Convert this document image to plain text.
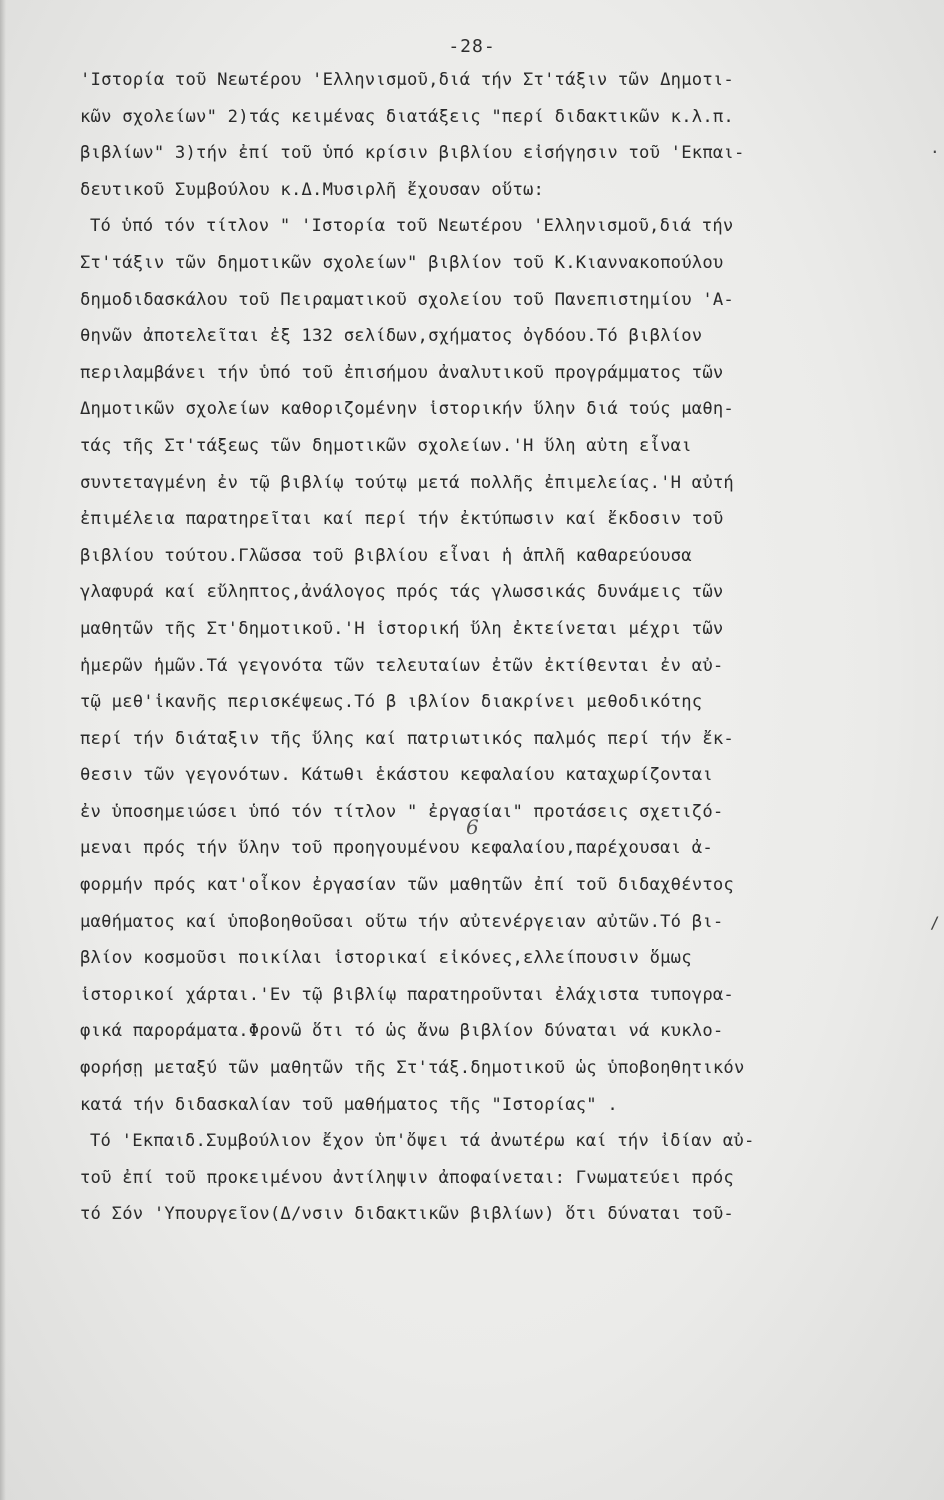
-28-
'Ιστορία τοῦ Νεωτέρου 'Ελληνισμοῦ,διά τήν Στ'τάξιν τῶν Δημοτι-
κῶν σχολείων" 2)τάς κειμένας διατάξεις "περί διδακτικῶν κ.λ.π.
βιβλίων" 3)τήν ἐπί τοῦ ὑπό κρίσιν βιβλίου εἰσήγησιν τοῦ 'Εκπαι-
δευτικοῦ Συμβούλου κ.Δ.Μυσιρλῆ ἔχουσαν οὕτω:
Τό ὑπό τόν τίτλον " 'Ιστορία τοῦ Νεωτέρου 'Ελληνισμοῦ,διά τήν
Στ'τάξιν τῶν δημοτικῶν σχολείων" βιβλίον τοῦ Κ.Κιαννακοπούλου
δημοδιδασκάλου τοῦ Πειραματικοῦ σχολείου τοῦ Πανεπιστημίου 'Α-
θηνῶν ἀποτελεῖται ἐξ 132 σελίδων,σχήματος ὀγδόου.Τό βιβλίον
περιλαμβάνει τήν ὑπό τοῦ ἐπισήμου ἀναλυτικοῦ προγράμματος τῶν
Δημοτικῶν σχολείων καθοριζομένην ἱστορικήν ὕλην διά τούς μαθη-
τάς τῆς Στ'τάξεως τῶν δημοτικῶν σχολείων.'Η ὕλη αὐτη εἶναι
συντεταγμένη ἐν τῷ βιβλίῳ τούτῳ μετά πολλῆς ἐπιμελείας.'Η αὐτή
ἐπιμέλεια παρατηρεῖται καί περί τήν ἐκτύπωσιν καί ἔκδοσιν τοῦ
βιβλίου τούτου.Γλῶσσα τοῦ βιβλίου εἶναι ἡ ἁπλῆ καθαρεύουσα
γλαφυρά καί εὔληπτος,ἀνάλογος πρός τάς γλωσσικάς δυνάμεις τῶν
μαθητῶν τῆς Στ'δημοτικοῦ.'Η ἱστορική ὕλη ἐκτείνεται μέχρι τῶν
ἡμερῶν ἡμῶν.Τά γεγονότα τῶν τελευταίων ἐτῶν ἐκτίθενται ἐν αὐ-
τῷ μεθ'ἱκανῆς περισκέψεως.Τό β ιβλίον διακρίνει μεθοδικότης
περί τήν διάταξιν τῆς ὕλης καί πατριωτικός παλμός περί τήν ἔκ-
θεσιν τῶν γεγονότων. Κάτωθι ἑκάστου κεφαλαίου καταχωρίζονται
ἐν ὑποσημειώσει ὑπό τόν τίτλον " ἐργασίαι" προτάσεις σχετιζό-
μεναι πρός τήν ὕλην τοῦ προηγουμένου κεφαλαίου,παρέχουσαι ἀ-
φορμήν πρός κατ'οἶκον ἐργασίαν τῶν μαθητῶν ἐπί τοῦ διδαχθέντος
μαθήματος καί ὑποβοηθοῦσαι οὕτω τήν αὐτενέργειαν αὐτῶν.Τό βι-
βλίον κοσμοῦσι ποικίλαι ἱστορικαί εἰκόνες,ελλείπουσιν ὅμως
ἱστορικοί χάρται.'Εν τῷ βιβλίῳ παρατηροῦνται ἐλάχιστα τυπογρα-
φικά παροράματα.Φρονῶ ὅτι τό ὡς ἄνω βιβλίον δύναται νά κυκλο-
φορήσῃ μεταξύ τῶν μαθητῶν τῆς Στ'τάξ.δημοτικοῦ ὡς ὑποβοηθητικόν
κατά τήν διδασκαλίαν τοῦ μαθήματος τῆς "Ιστορίας" .
Τό 'Εκπαιδ.Συμβούλιον ἔχον ὑπ'ὄψει τά ἀνωτέρω καί τήν ἰδίαν αὐ-
τοῦ ἐπί τοῦ προκειμένου ἀντίληψιν ἀποφαίνεται: Γνωματεύει πρός
τό Σόν 'Υπουργεῖον(Δ/νσιν διδακτικῶν βιβλίων) ὅτι δύναται τοῦ-
6
.
/
